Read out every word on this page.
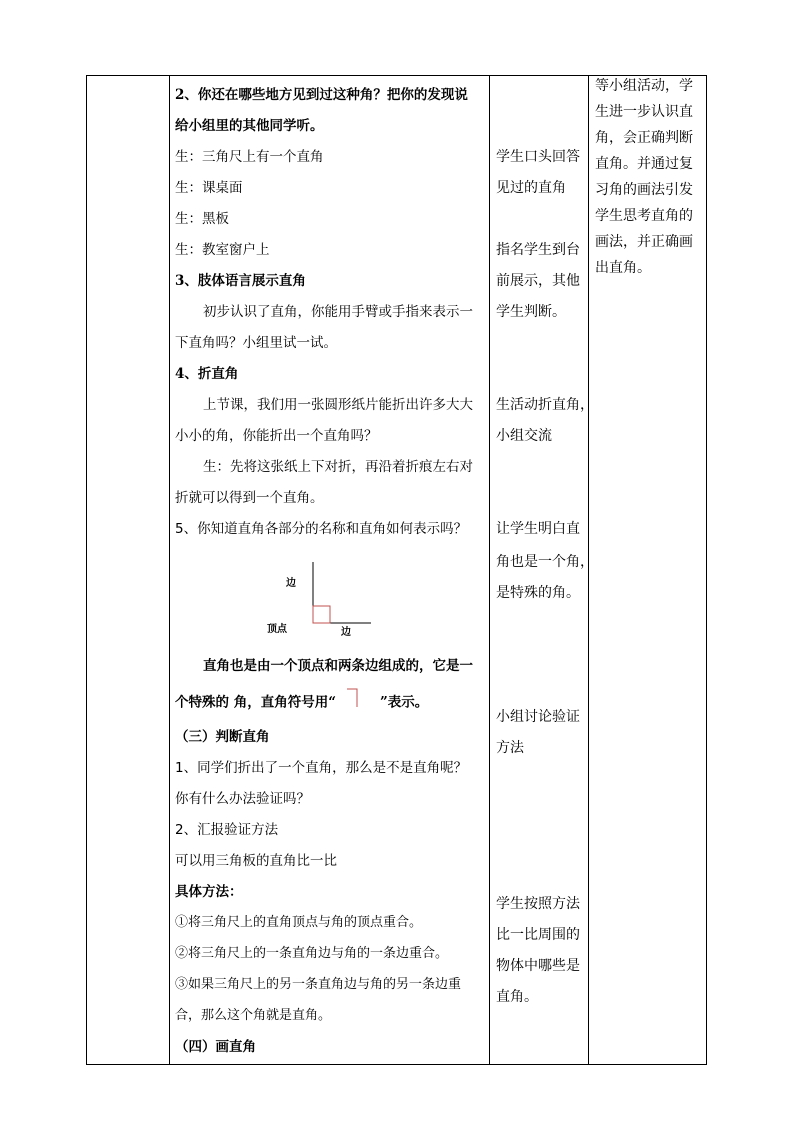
2、你还在哪些地方见到过这种角？把你的发现说
给小组里的其他同学听。
生：三角尺上有一个直角
生：课桌面
生：黑板
生：教室窗户上
3、肢体语言展示直角
初步认识了直角，你能用手臂或手指来表示一
下直角吗？小组里试一试。
4、折直角
上节课，我们用一张圆形纸片能折出许多大大
小小的角，你能折出一个直角吗？
生：先将这张纸上下对折，再沿着折痕左右对
折就可以得到一个直角。
5、你知道直角各部分的名称和直角如何表示吗？
边
顶点	边
直角也是由一个顶点和两条边组成的，它是一
个特殊的 角，直角符号用“	”表示。
（三）判断直角
1、同学们折出了一个直角，那么是不是直角呢？
你有什么办法验证吗？
2、汇报验证方法
可以用三角板的直角比一比
具体方法：
①将三角尺上的直角顶点与角的顶点重合。
②将三角尺上的一条直角边与角的一条边重合。
③如果三角尺上的另一条直角边与角的另一条边重
合，那么这个角就是直角。
（四）画直角
学生口头回答
见过的直角
指名学生到台
前展示，其他
学生判断。
生活动折直角，
小组交流
让学生明白直
角也是一个角，
是特殊的角。
小组讨论验证
方法
学生按照方法
比一比周围的
物体中哪些是
直角。
等小组活动，学
生进一步认识直
角，会正确判断
直角。并通过复
习角的画法引发
学生思考直角的
画法，并正确画
出直角。
